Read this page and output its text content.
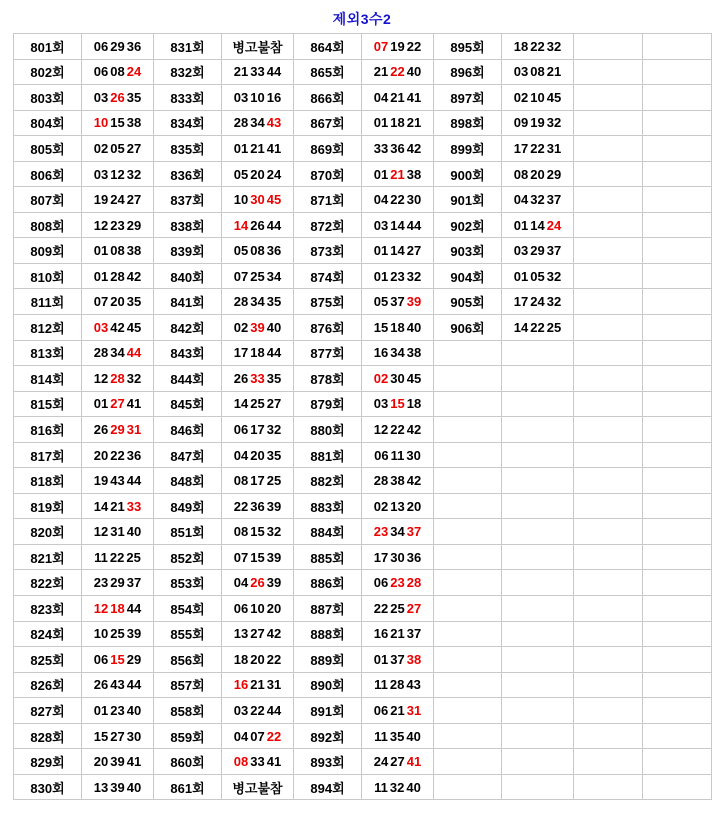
제외3수2
801회	06 29 36	831회	병고불참	864회	07 19 22	895회	18 22 32		
802회	06 08 24	832회	21 33 44	865회	21 22 40	896회	03 08 21		
803회	03 26 35	833회	03 10 16	866회	04 21 41	897회	02 10 45		
804회	10 15 38	834회	28 34 43	867회	01 18 21	898회	09 19 32		
805회	02 05 27	835회	01 21 41	869회	33 36 42	899회	17 22 31		
806회	03 12 32	836회	05 20 24	870회	01 21 38	900회	08 20 29		
807회	19 24 27	837회	10 30 45	871회	04 22 30	901회	04 32 37		
808회	12 23 29	838회	14 26 44	872회	03 14 44	902회	01 14 24		
809회	01 08 38	839회	05 08 36	873회	01 14 27	903회	03 29 37		
810회	01 28 42	840회	07 25 34	874회	01 23 32	904회	01 05 32		
811회	07 20 35	841회	28 34 35	875회	05 37 39	905회	17 24 32		
812회	03 42 45	842회	02 39 40	876회	15 18 40	906회	14 22 25		
813회	28 34 44	843회	17 18 44	877회	16 34 38				
814회	12 28 32	844회	26 33 35	878회	02 30 45				
815회	01 27 41	845회	14 25 27	879회	03 15 18				
816회	26 29 31	846회	06 17 32	880회	12 22 42				
817회	20 22 36	847회	04 20 35	881회	06 11 30				
818회	19 43 44	848회	08 17 25	882회	28 38 42				
819회	14 21 33	849회	22 36 39	883회	02 13 20				
820회	12 31 40	851회	08 15 32	884회	23 34 37				
821회	11 22 25	852회	07 15 39	885회	17 30 36				
822회	23 29 37	853회	04 26 39	886회	06 23 28				
823회	12 18 44	854회	06 10 20	887회	22 25 27				
824회	10 25 39	855회	13 27 42	888회	16 21 37				
825회	06 15 29	856회	18 20 22	889회	01 37 38				
826회	26 43 44	857회	16 21 31	890회	11 28 43				
827회	01 23 40	858회	03 22 44	891회	06 21 31				
828회	15 27 30	859회	04 07 22	892회	11 35 40				
829회	20 39 41	860회	08 33 41	893회	24 27 41				
830회	13 39 40	861회	병고불참	894회	11 32 40				
